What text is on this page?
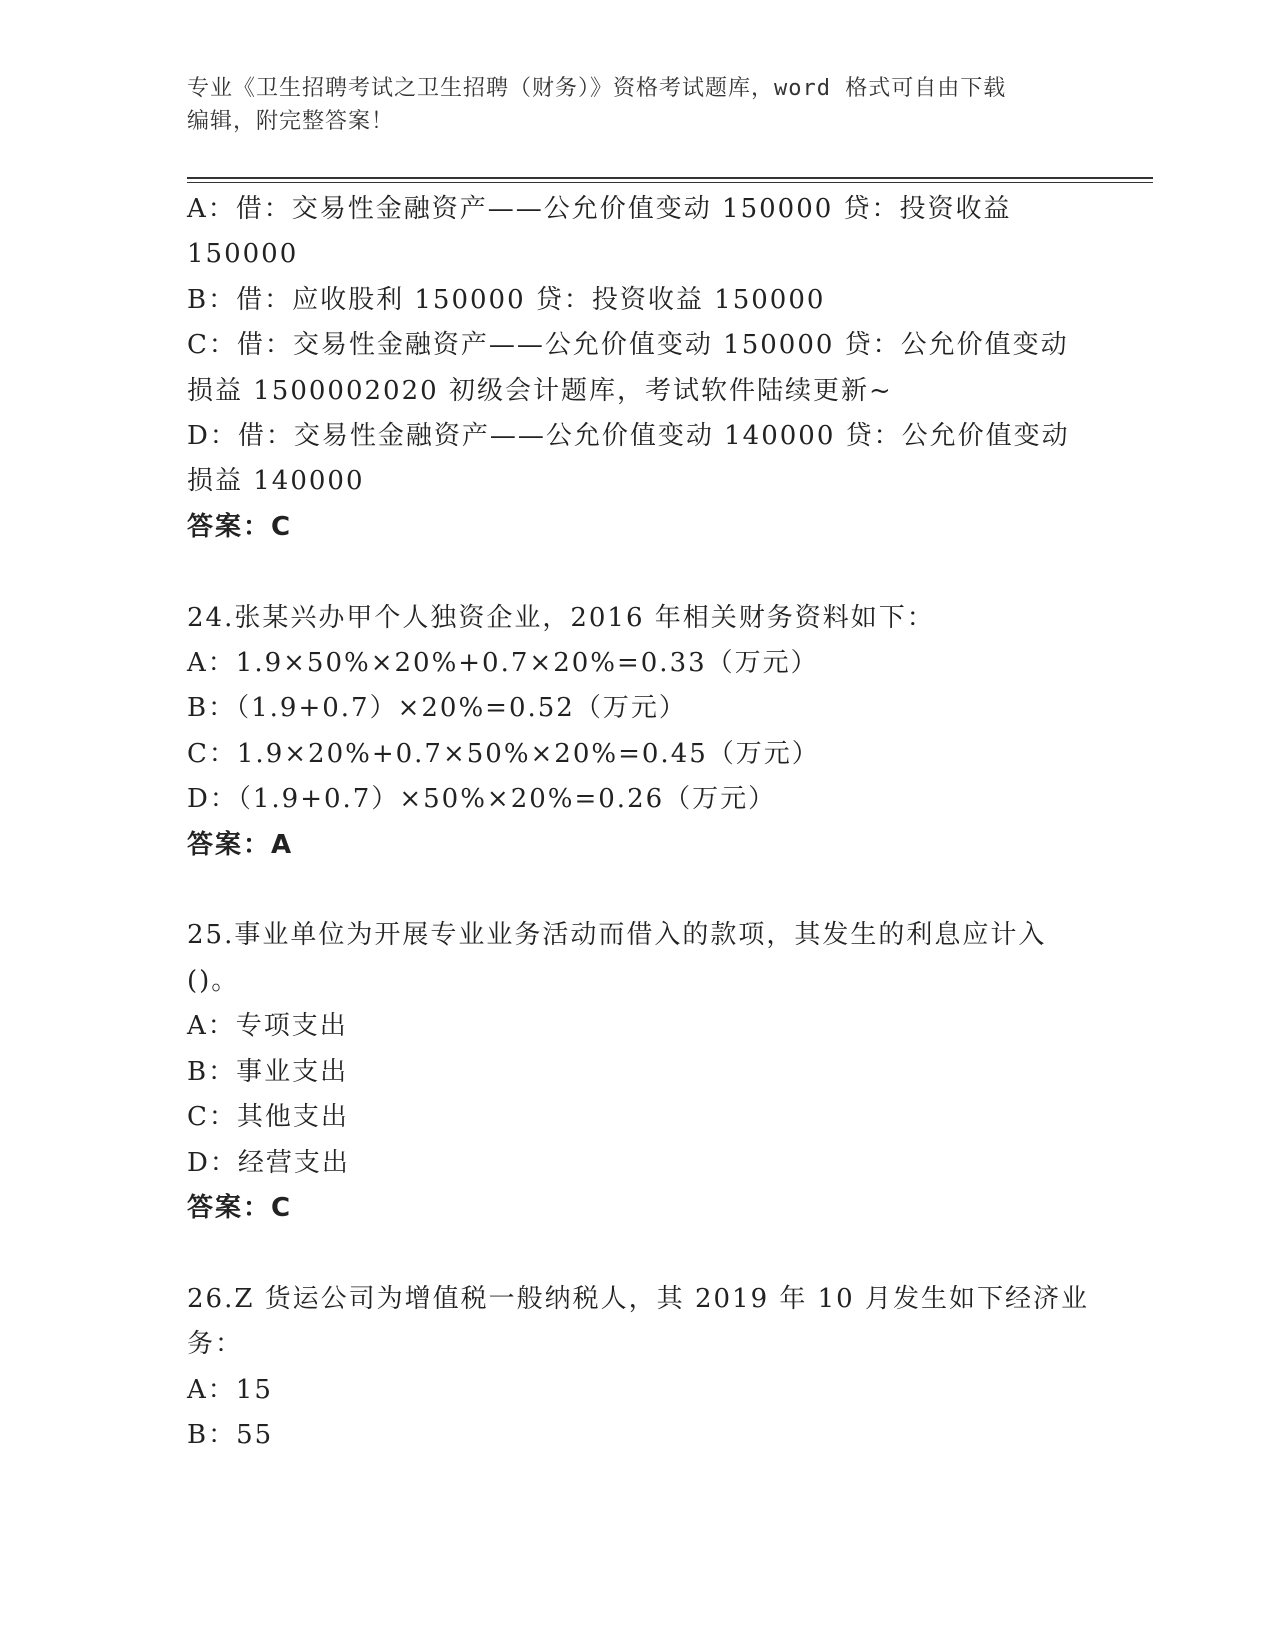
专业《卫生招聘考试之卫生招聘（财务）》资格考试题库，word 格式可自由下载
编辑，附完整答案！
A：借：交易性金融资产——公允价值变动 150000 贷：投资收益
150000
B：借：应收股利 150000 贷：投资收益 150000
C：借：交易性金融资产——公允价值变动 150000 贷：公允价值变动
损益 1500002020 初级会计题库，考试软件陆续更新~
D：借：交易性金融资产——公允价值变动 140000 贷：公允价值变动
损益 140000
答案：C
24.张某兴办甲个人独资企业，2016 年相关财务资料如下：
A：1.9×50%×20%+0.7×20%=0.33（万元）
B：（1.9+0.7）×20%=0.52（万元）
C：1.9×20%+0.7×50%×20%=0.45（万元）
D：（1.9+0.7）×50%×20%=0.26（万元）
答案：A
25.事业单位为开展专业业务活动而借入的款项，其发生的利息应计入
()。
A：专项支出
B：事业支出
C：其他支出
D：经营支出
答案：C
26.Z 货运公司为增值税一般纳税人，其 2019 年 10 月发生如下经济业
务：
A：15
B：55
